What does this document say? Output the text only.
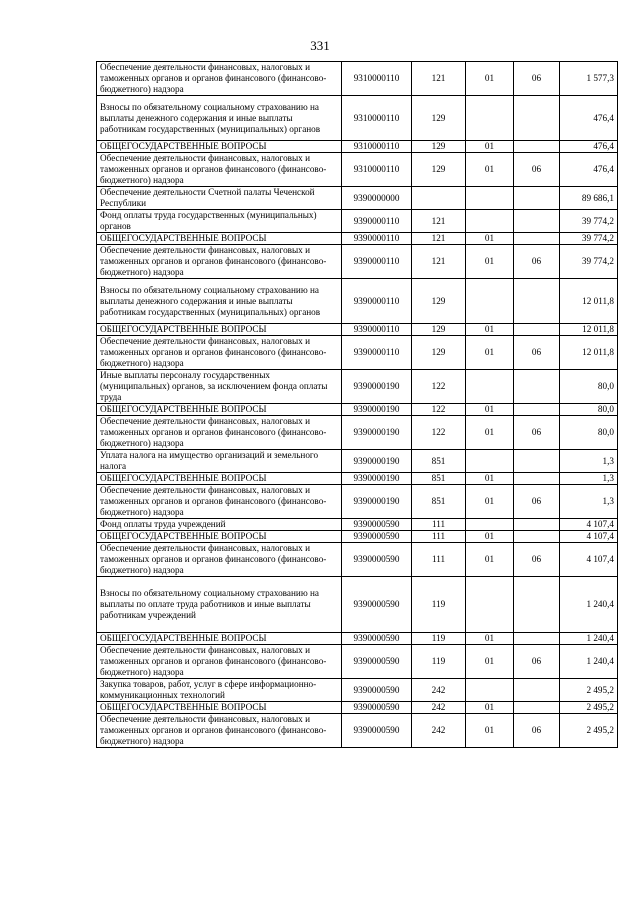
331
Обеспечение деятельности финансовых, налоговых и таможенных органов и органов финансового (финансово-бюджетного) надзора	9310000110	121	01	06	1 577,3
Взносы по обязательному социальному страхованию на выплаты денежного содержания и иные выплаты работникам государственных (муниципальных) органов	9310000110	129			476,4
ОБЩЕГОСУДАРСТВЕННЫЕ ВОПРОСЫ	9310000110	129	01		476,4
Обеспечение деятельности финансовых, налоговых и таможенных органов и органов финансового (финансово-бюджетного) надзора	9310000110	129	01	06	476,4
Обеспечение деятельности Счетной палаты Чеченской Республики	9390000000				89 686,1
Фонд оплаты труда государственных (муниципальных) органов	9390000110	121			39 774,2
ОБЩЕГОСУДАРСТВЕННЫЕ ВОПРОСЫ	9390000110	121	01		39 774,2
Обеспечение деятельности финансовых, налоговых и таможенных органов и органов финансового (финансово-бюджетного) надзора	9390000110	121	01	06	39 774,2
Взносы по обязательному социальному страхованию на выплаты денежного содержания и иные выплаты работникам государственных (муниципальных) органов	9390000110	129			12 011,8
ОБЩЕГОСУДАРСТВЕННЫЕ ВОПРОСЫ	9390000110	129	01		12 011,8
Обеспечение деятельности финансовых, налоговых и таможенных органов и органов финансового (финансово-бюджетного) надзора	9390000110	129	01	06	12 011,8
Иные выплаты персоналу государственных (муниципальных) органов, за исключением фонда оплаты труда	9390000190	122			80,0
ОБЩЕГОСУДАРСТВЕННЫЕ ВОПРОСЫ	9390000190	122	01		80,0
Обеспечение деятельности финансовых, налоговых и таможенных органов и органов финансового (финансово-бюджетного) надзора	9390000190	122	01	06	80,0
Уплата налога на имущество организаций и земельного налога	9390000190	851			1,3
ОБЩЕГОСУДАРСТВЕННЫЕ ВОПРОСЫ	9390000190	851	01		1,3
Обеспечение деятельности финансовых, налоговых и таможенных органов и органов финансового (финансово-бюджетного) надзора	9390000190	851	01	06	1,3
Фонд оплаты труда учреждений	9390000590	111			4 107,4
ОБЩЕГОСУДАРСТВЕННЫЕ ВОПРОСЫ	9390000590	111	01		4 107,4
Обеспечение деятельности финансовых, налоговых и таможенных органов и органов финансового (финансово-бюджетного) надзора	9390000590	111	01	06	4 107,4
Взносы по обязательному социальному страхованию на выплаты по оплате труда работников и иные выплаты работникам учреждений	9390000590	119			1 240,4
ОБЩЕГОСУДАРСТВЕННЫЕ ВОПРОСЫ	9390000590	119	01		1 240,4
Обеспечение деятельности финансовых, налоговых и таможенных органов и органов финансового (финансово-бюджетного) надзора	9390000590	119	01	06	1 240,4
Закупка товаров, работ, услуг в сфере информационно-коммуникационных технологий	9390000590	242			2 495,2
ОБЩЕГОСУДАРСТВЕННЫЕ ВОПРОСЫ	9390000590	242	01		2 495,2
Обеспечение деятельности финансовых, налоговых и таможенных органов и органов финансового (финансово-бюджетного) надзора	9390000590	242	01	06	2 495,2
